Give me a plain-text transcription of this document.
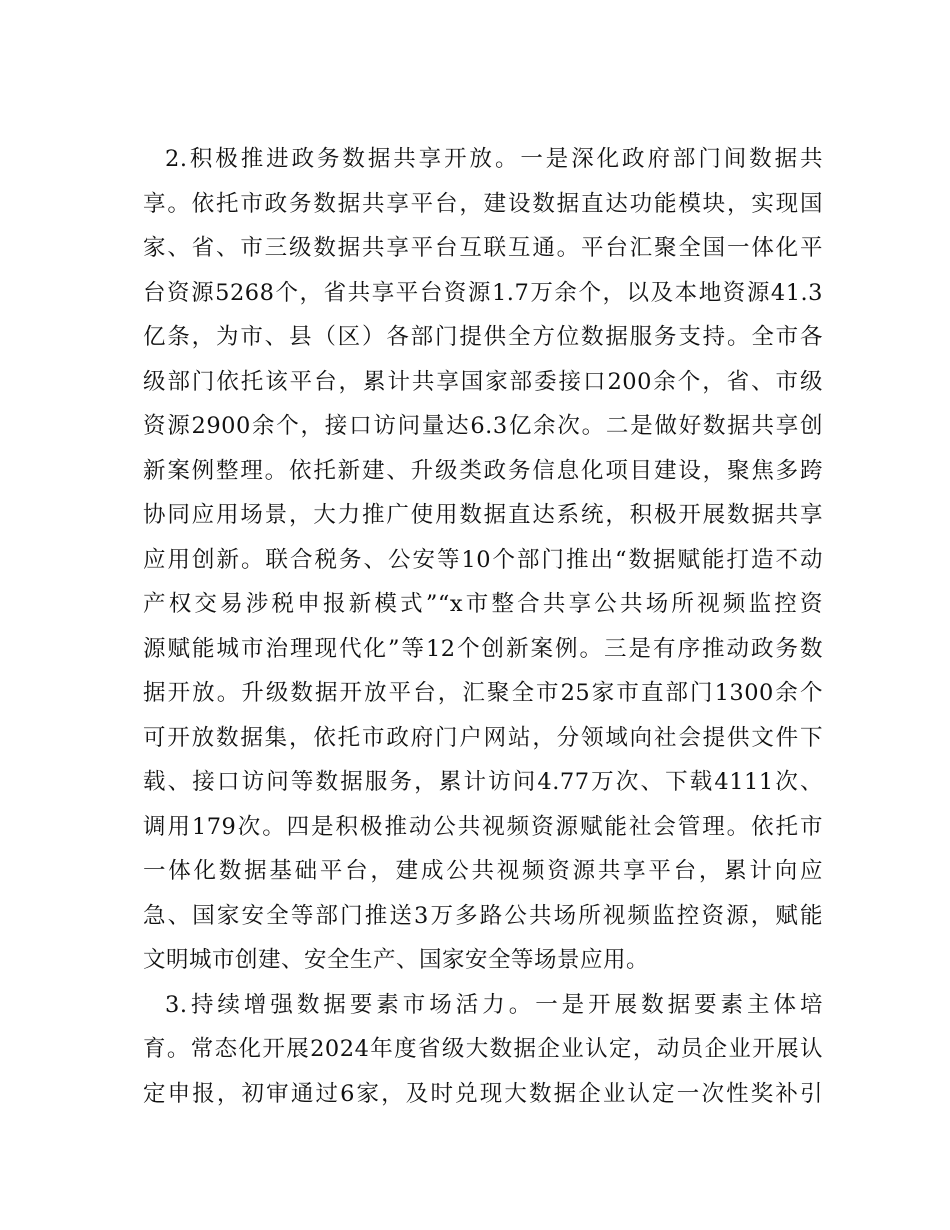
2.积极推进政务数据共享开放。一是深化政府部门间数据共
享。依托市政务数据共享平台，建设数据直达功能模块，实现国
家、省、市三级数据共享平台互联互通。平台汇聚全国一体化平
台资源5268个，省共享平台资源1.7万余个，以及本地资源41.3
亿条，为市、县（区）各部门提供全方位数据服务支持。全市各
级部门依托该平台，累计共享国家部委接口200余个，省、市级
资源2900余个，接口访问量达6.3亿余次。二是做好数据共享创
新案例整理。依托新建、升级类政务信息化项目建设，聚焦多跨
协同应用场景，大力推广使用数据直达系统，积极开展数据共享
应用创新。联合税务、公安等10个部门推出“数据赋能打造不动
产权交易涉税申报新模式”“x市整合共享公共场所视频监控资
源赋能城市治理现代化”等12个创新案例。三是有序推动政务数
据开放。升级数据开放平台，汇聚全市25家市直部门1300余个
可开放数据集，依托市政府门户网站，分领域向社会提供文件下
载、接口访问等数据服务，累计访问4.77万次、下载4111次、
调用179次。四是积极推动公共视频资源赋能社会管理。依托市
一体化数据基础平台，建成公共视频资源共享平台，累计向应
急、国家安全等部门推送3万多路公共场所视频监控资源，赋能
文明城市创建、安全生产、国家安全等场景应用。
3.持续增强数据要素市场活力。一是开展数据要素主体培
育。常态化开展2024年度省级大数据企业认定，动员企业开展认
定申报，初审通过6家，及时兑现大数据企业认定一次性奖补引
